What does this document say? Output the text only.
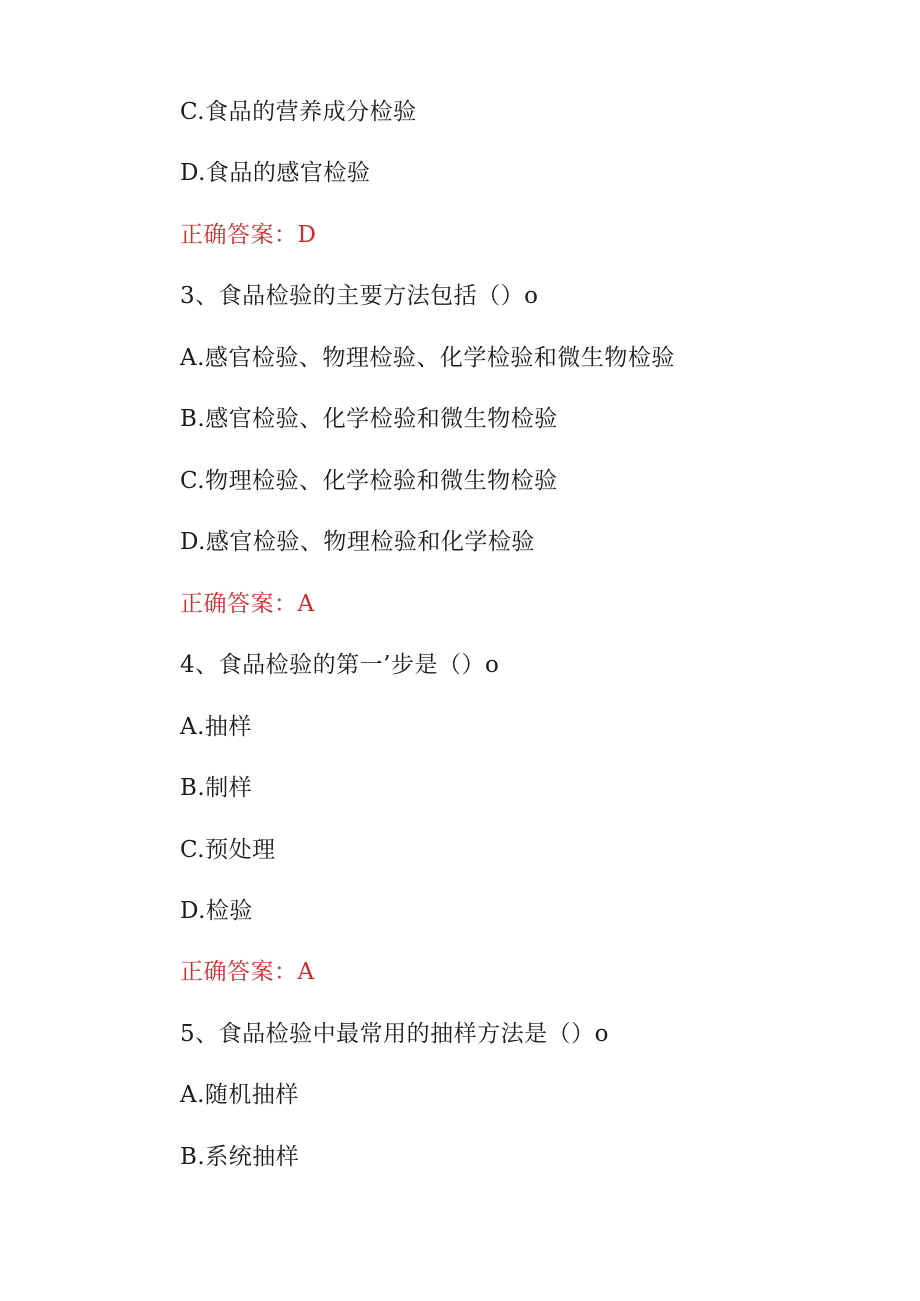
C.食品的营养成分检验
D.食品的感官检验
正确答案：D
3、食品检验的主要方法包括（）o
A.感官检验、物理检验、化学检验和微生物检验
B.感官检验、化学检验和微生物检验
C.物理检验、化学检验和微生物检验
D.感官检验、物理检验和化学检验
正确答案：A
4、食品检验的第一’步是（）o
A.抽样
B.制样
C.预处理
D.检验
正确答案：A
5、食品检验中最常用的抽样方法是（）o
A.随机抽样
B.系统抽样
